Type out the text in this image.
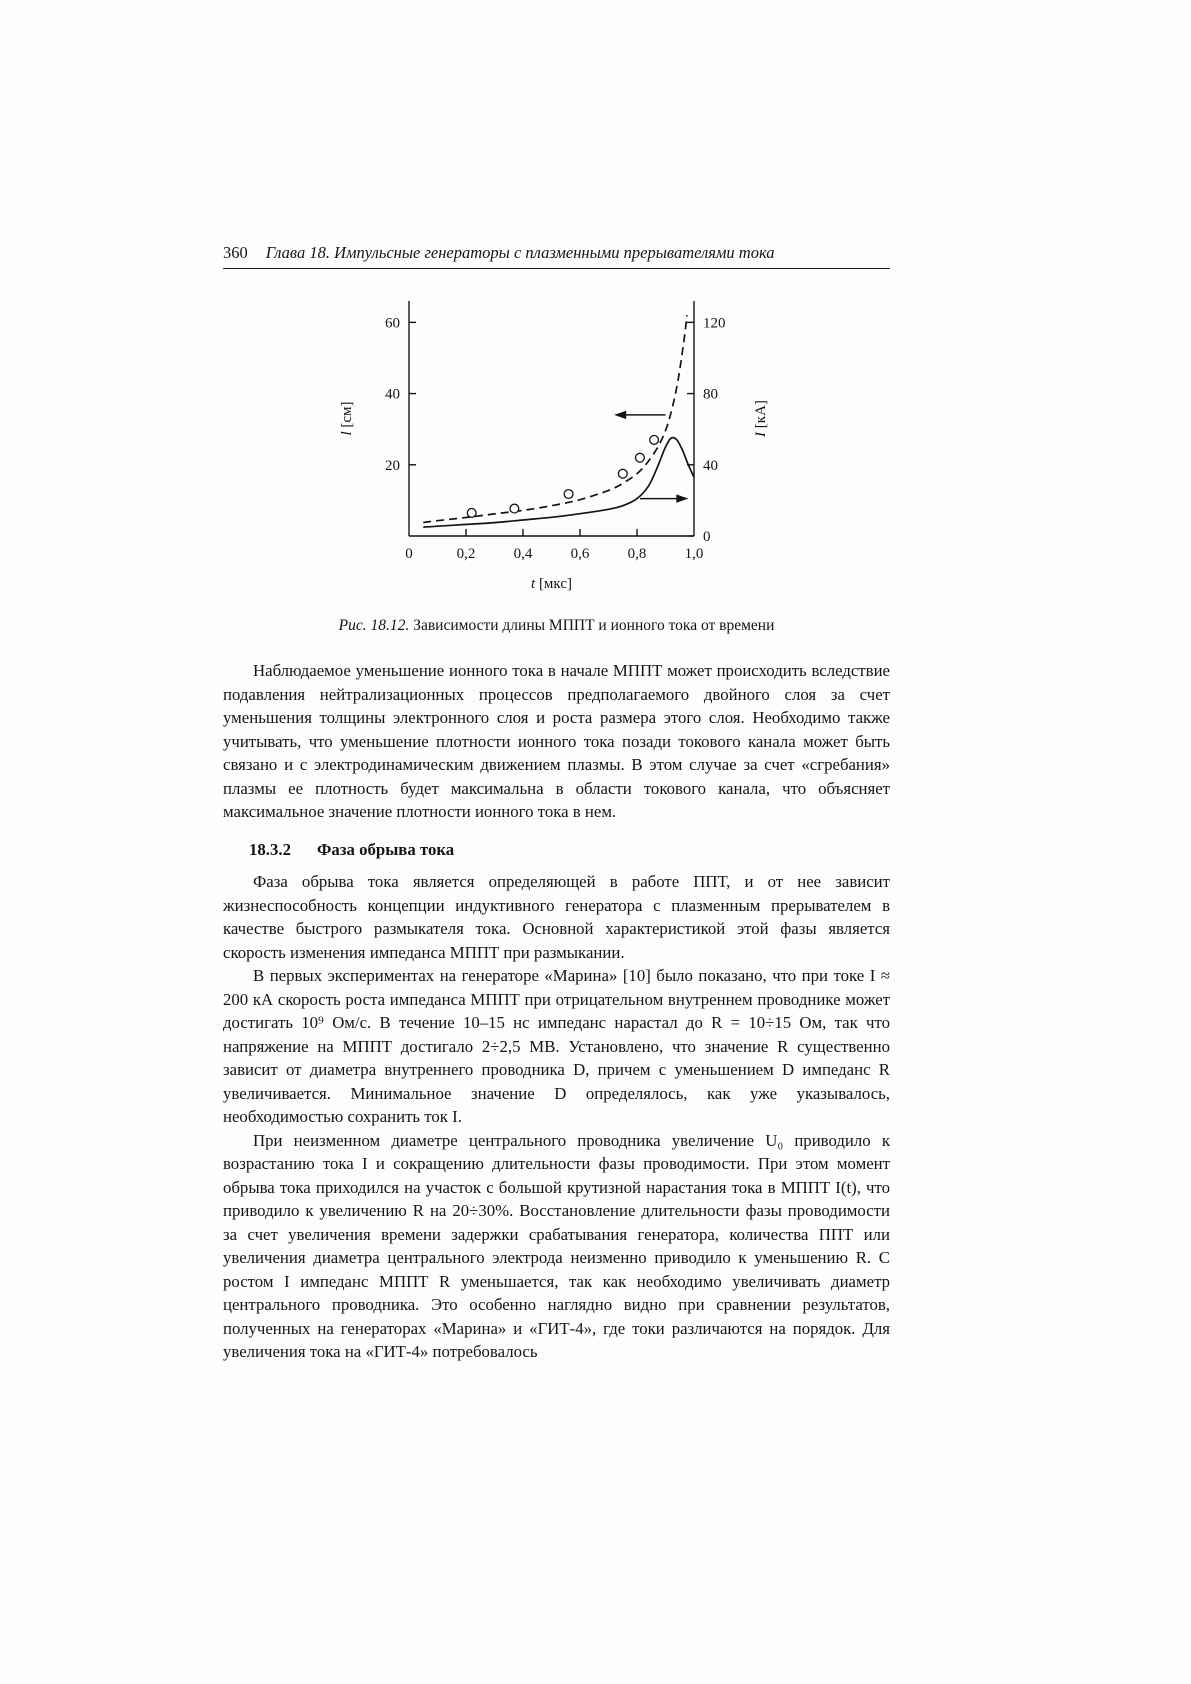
360 Глава 18. Импульсные генераторы с плазменными прерывателями тока
20
40
60
0
40
80
120
0	0,2	0,4	0,6	0,8	1,0
l [см]
I [кА]
t [мкс]
Рис. 18.12. Зависимости длины МППТ и ионного тока от времени

Наблюдаемое уменьшение ионного тока в начале МППТ может происходить вследствие подавления нейтрализационных процессов предполагаемого двойного слоя за счет уменьшения толщины электронного слоя и роста размера этого слоя. Необходимо также учитывать, что уменьшение плотности ионного тока позади токового канала может быть связано и с электродинамическим движением плазмы. В этом случае за счет «сгребания» плазмы ее плотность будет максимальна в области токового канала, что объясняет максимальное значение плотности ионного тока в нем.

18.3.2 Фаза обрыва тока

Фаза обрыва тока является определяющей в работе ППТ, и от нее зависит жизнеспособность концепции индуктивного генератора с плазменным прерывателем в качестве быстрого размыкателя тока. Основной характеристикой этой фазы является скорость изменения импеданса МППТ при размыкании.

В первых экспериментах на генераторе «Марина» [10] было показано, что при токе I ≈ 200 кА скорость роста импеданса МППТ при отрицательном внутреннем проводнике может достигать 10⁹ Ом/с. В течение 10–15 нс импеданс нарастал до R = 10÷15 Ом, так что напряжение на МППТ достигало 2÷2,5 МВ. Установлено, что значение R существенно зависит от диаметра внутреннего проводника D, причем с уменьшением D импеданс R увеличивается. Минимальное значение D определялось, как уже указывалось, необходимостью сохранить ток I.

При неизменном диаметре центрального проводника увеличение U₀ приводило к возрастанию тока I и сокращению длительности фазы проводимости. При этом момент обрыва тока приходился на участок с большой крутизной нарастания тока в МППТ I(t), что приводило к увеличению R на 20÷30%. Восстановление длительности фазы проводимости за счет увеличения времени задержки срабатывания генератора, количества ППТ или увеличения диаметра центрального электрода неизменно приводило к уменьшению R. С ростом I импеданс МППТ R уменьшается, так как необходимо увеличивать диаметр центрального проводника. Это особенно наглядно видно при сравнении результатов, полученных на генераторах «Марина» и «ГИТ-4», где токи различаются на порядок. Для увеличения тока на «ГИТ-4» потребовалось
